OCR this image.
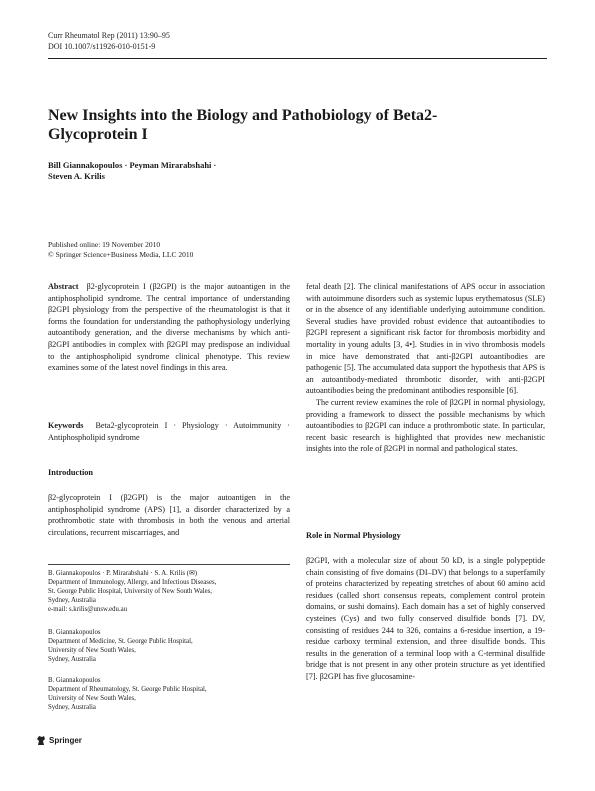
Curr Rheumatol Rep (2011) 13:90–95
DOI 10.1007/s11926-010-0151-9
New Insights into the Biology and Pathobiology of Beta2-Glycoprotein I
Bill Giannakopoulos · Peyman Mirarabshahi ·
Steven A. Krilis
Published online: 19 November 2010
© Springer Science+Business Media, LLC 2010

Abstract β2-glycoprotein I (β2GPI) is the major autoantigen in the antiphospholipid syndrome. The central importance of understanding β2GPI physiology from the perspective of the rheumatologist is that it forms the foundation for understanding the pathophysiology underlying autoantibody generation, and the diverse mechanisms by which anti-β2GPI antibodies in complex with β2GPI may predispose an individual to the antiphospholipid syndrome clinical phenotype. This review examines some of the latest novel findings in this area.

Keywords Beta2-glycoprotein I · Physiology · Autoimmunity · Antiphospholipid syndrome

Introduction
β2-glycoprotein I (β2GPI) is the major autoantigen in the antiphospholipid syndrome (APS) [1], a disorder characterized by a prothrombotic state with thrombosis in both the venous and arterial circulations, recurrent miscarriages, and
B. Giannakopoulos · P. Mirarabshahi · S. A. Krilis (✉)
Department of Immunology, Allergy, and Infectious Diseases,
St. George Public Hospital, University of New South Wales,
Sydney, Australia
e-mail: s.krilis@unsw.edu.au
B. Giannakopoulos
Department of Medicine, St. George Public Hospital,
University of New South Wales,
Sydney, Australia
B. Giannakopoulos
Department of Rheumatology, St. George Public Hospital,
University of New South Wales,
Sydney, Australia
Springer

fetal death [2]. The clinical manifestations of APS occur in association with autoimmune disorders such as systemic lupus erythematosus (SLE) or in the absence of any identifiable underlying autoimmune condition. Several studies have provided robust evidence that autoantibodies to β2GPI represent a significant risk factor for thrombosis morbidity and mortality in young adults [3, 4•]. Studies in in vivo thrombosis models in mice have demonstrated that anti-β2GPI autoantibodies are pathogenic [5]. The accumulated data support the hypothesis that APS is an autoantibody-mediated thrombotic disorder, with anti-β2GPI autoantibodies being the predominant antibodies responsible [6].

The current review examines the role of β2GPI in normal physiology, providing a framework to dissect the possible mechanisms by which autoantibodies to β2GPI can induce a prothrombotic state. In particular, recent basic research is highlighted that provides new mechanistic insights into the role of β2GPI in normal and pathological states.

Role in Normal Physiology
β2GPI, with a molecular size of about 50 kD, is a single polypeptide chain consisting of five domains (DI–DV) that belongs to a superfamily of proteins characterized by repeating stretches of about 60 amino acid residues (called short consensus repeats, complement control protein domains, or sushi domains). Each domain has a set of highly conserved cysteines (Cys) and two fully conserved disulfide bonds [7]. DV, consisting of residues 244 to 326, contains a 6-residue insertion, a 19-residue carboxy terminal extension, and three disulfide bonds. This results in the generation of a terminal loop with a C-terminal disulfide bridge that is not present in any other protein structure as yet identified [7]. β2GPI has five glucosamine-
